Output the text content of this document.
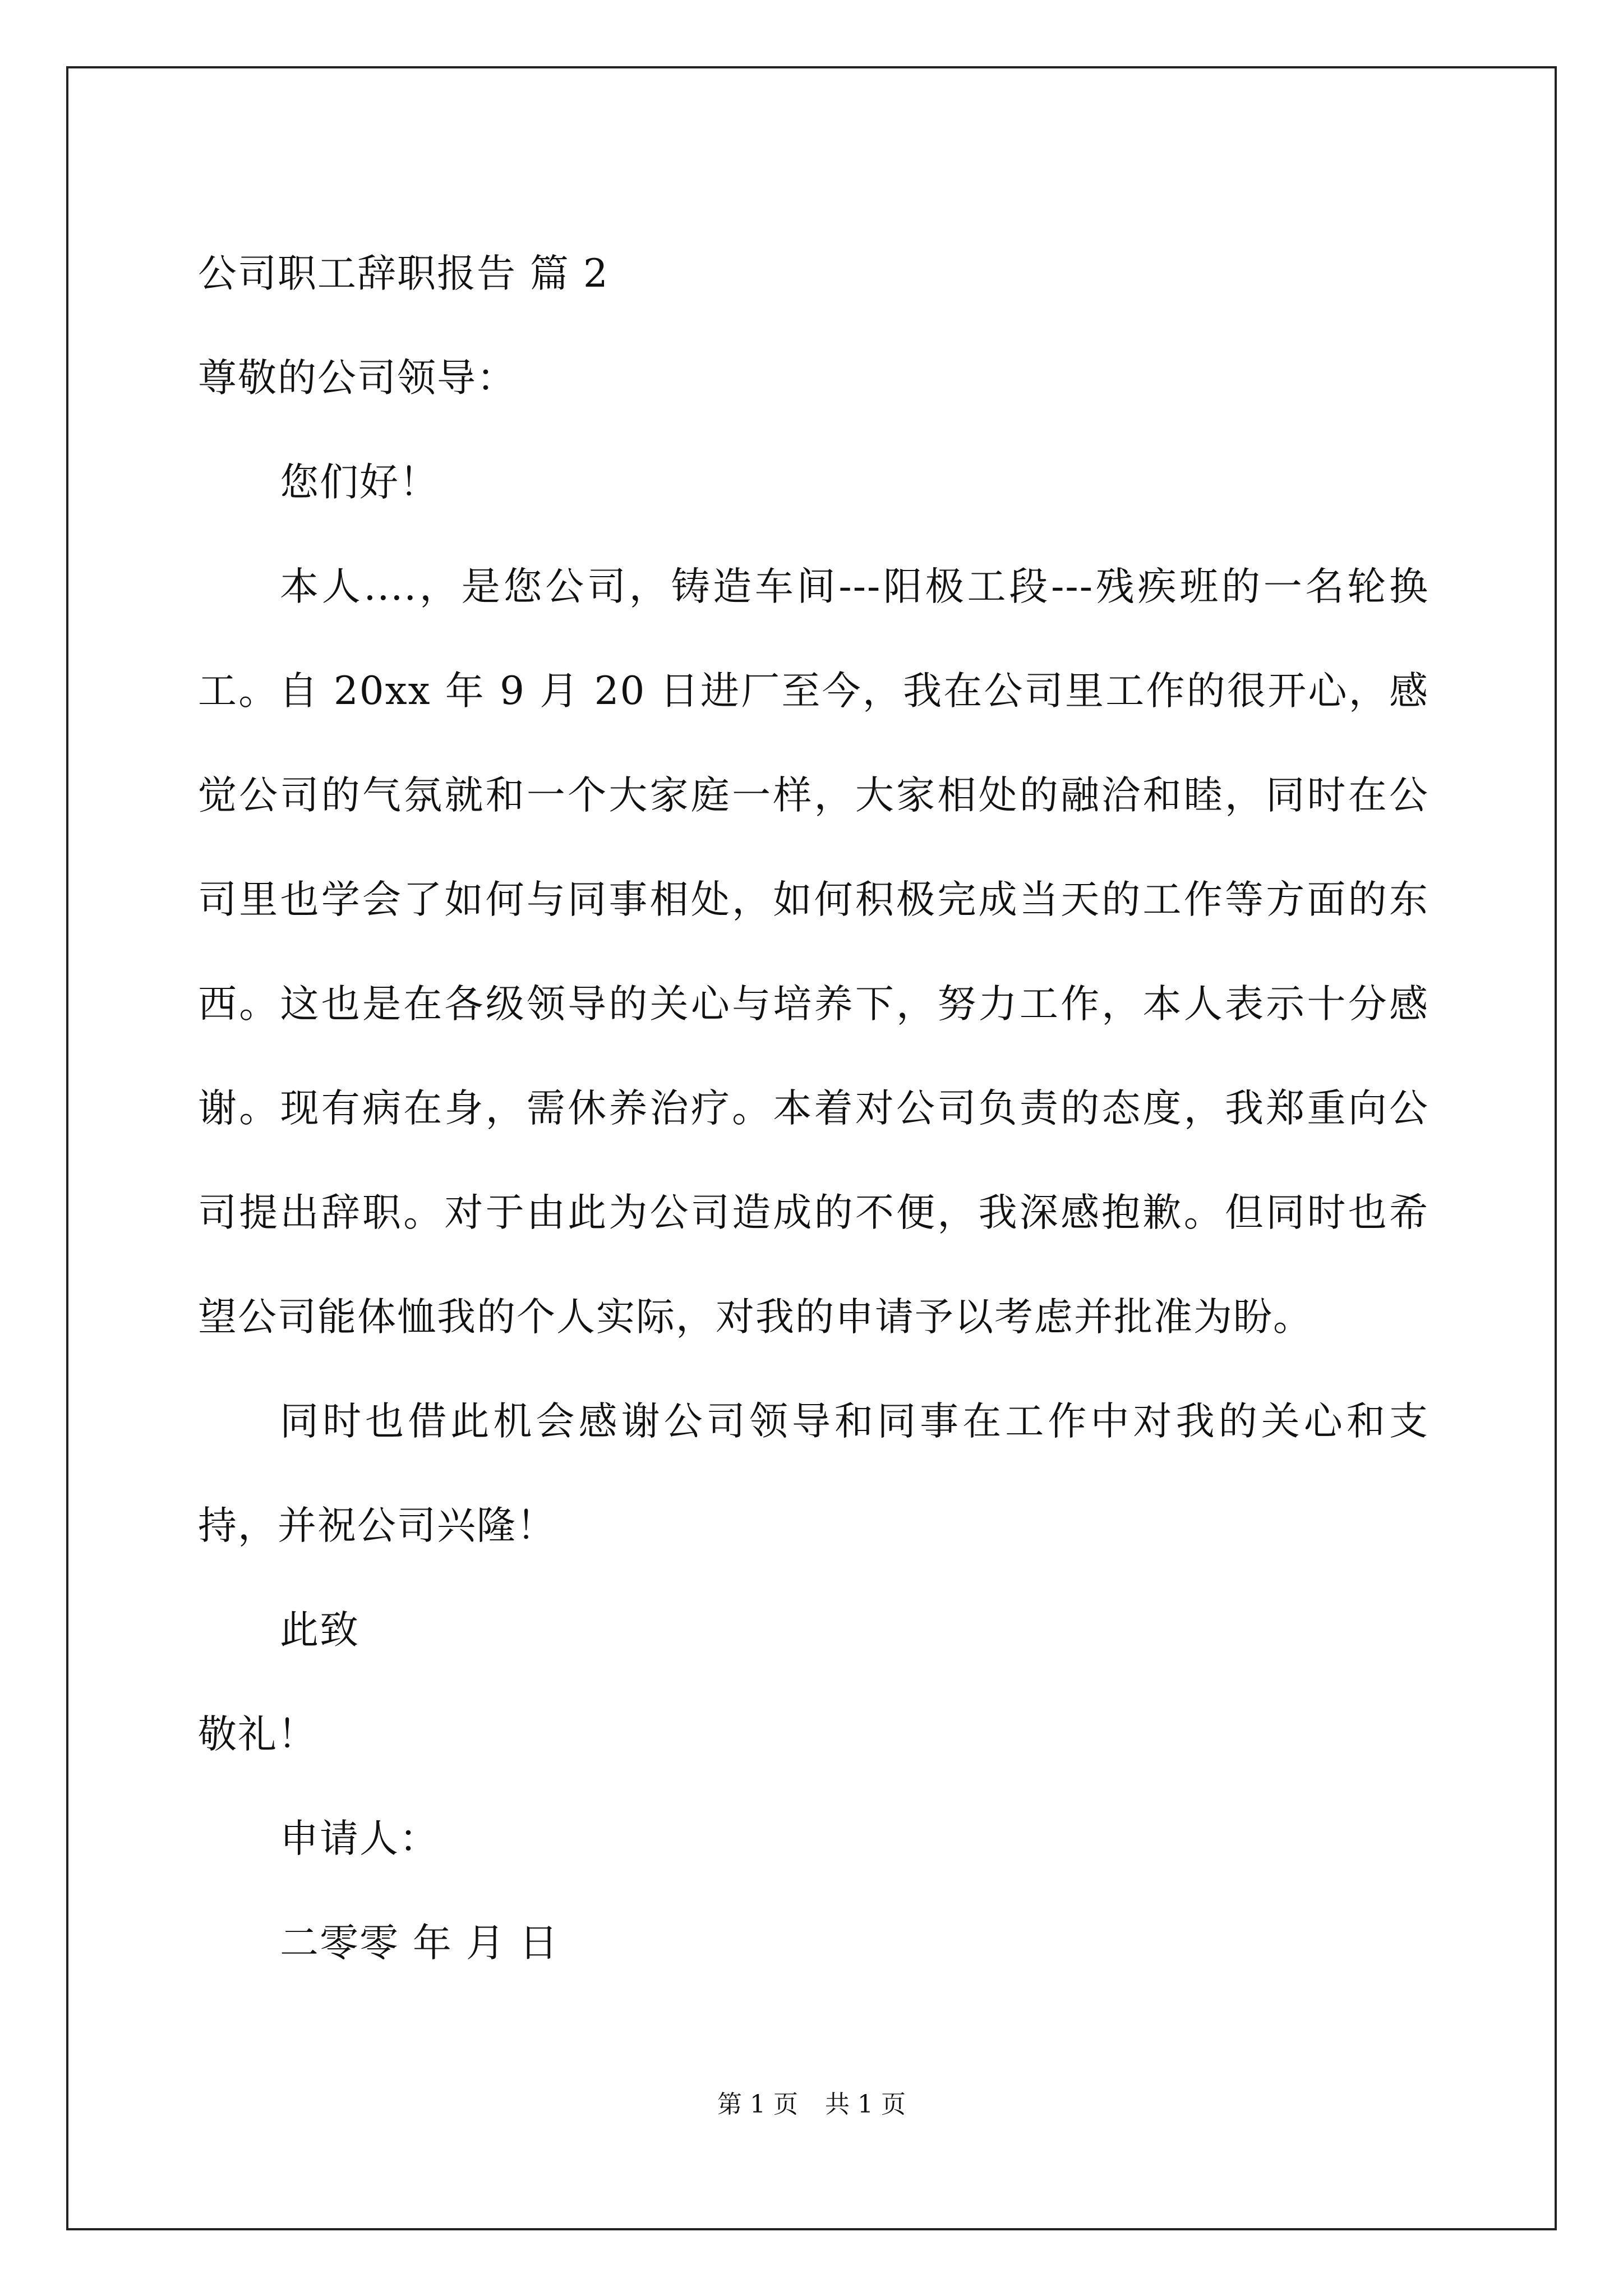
公司职工辞职报告 篇 2
尊敬的公司领导：
您们好！

本人....，是您公司，铸造车间---阳极工段---残疾班的一名轮换工。自 20xx 年 9 月 20 日进厂至今，我在公司里工作的很开心，感觉公司的气氛就和一个大家庭一样，大家相处的融洽和睦，同时在公司里也学会了如何与同事相处，如何积极完成当天的工作等方面的东西。这也是在各级领导的关心与培养下，努力工作，本人表示十分感谢。现有病在身，需休养治疗。本着对公司负责的态度，我郑重向公司提出辞职。对于由此为公司造成的不便，我深感抱歉。但同时也希望公司能体恤我的个人实际，对我的申请予以考虑并批准为盼。

同时也借此机会感谢公司领导和同事在工作中对我的关心和支持，并祝公司兴隆！

此致
敬礼！
申请人：
二零零 年 月 日
第 1 页 共 1 页
